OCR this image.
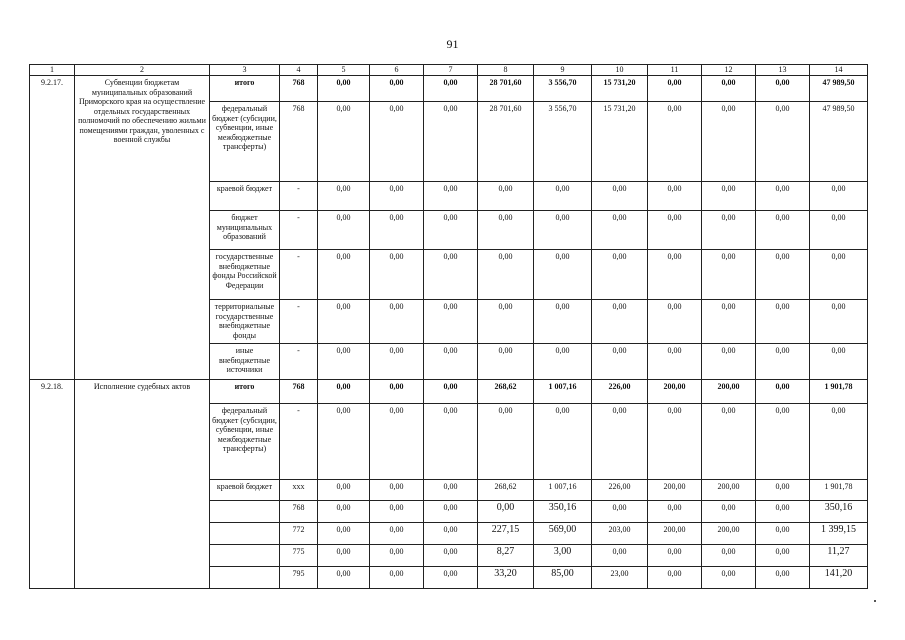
91
1	2	3	4	5	6	7	8	9	10	11	12	13	14
9.2.17.	Субвенции бюджетам муниципальных образований Приморского края на осуществление отдельных государственных полномочий по обеспечению жильми помещениями граждан, уволенных с военной службы	итого	768	0,00	0,00	0,00	28 701,60	3 556,70	15 731,20	0,00	0,00	0,00	47 989,50
		федеральный бюджет (субсидии, субвенции, иные межбюджетные трансферты)	768	0,00	0,00	0,00	28 701,60	3 556,70	15 731,20	0,00	0,00	0,00	47 989,50
		краевой бюджет	-	0,00	0,00	0,00	0,00	0,00	0,00	0,00	0,00	0,00	0,00
		бюджет муниципальных образований	-	0,00	0,00	0,00	0,00	0,00	0,00	0,00	0,00	0,00	0,00
		государственные внебюджетные фонды Российской Федерации	-	0,00	0,00	0,00	0,00	0,00	0,00	0,00	0,00	0,00	0,00
		территориальные государственные внебюджетные фонды	-	0,00	0,00	0,00	0,00	0,00	0,00	0,00	0,00	0,00	0,00
		иные внебюджетные источники	-	0,00	0,00	0,00	0,00	0,00	0,00	0,00	0,00	0,00	0,00
9.2.18.	Исполнение судебных актов	итого	768	0,00	0,00	0,00	268,62	1 007,16	226,00	200,00	200,00	0,00	1 901,78
		федеральный бюджет (субсидии, субвенции, иные межбюджетные трансферты)	-	0,00	0,00	0,00	0,00	0,00	0,00	0,00	0,00	0,00	0,00
		краевой бюджет	ххх	0,00	0,00	0,00	268,62	1 007,16	226,00	200,00	200,00	0,00	1 901,78
			768	0,00	0,00	0,00	0,00	350,16	0,00	0,00	0,00	0,00	350,16
			772	0,00	0,00	0,00	227,15	569,00	203,00	200,00	200,00	0,00	1 399,15
			775	0,00	0,00	0,00	8,27	3,00	0,00	0,00	0,00	0,00	11,27
			795	0,00	0,00	0,00	33,20	85,00	23,00	0,00	0,00	0,00	141,20
